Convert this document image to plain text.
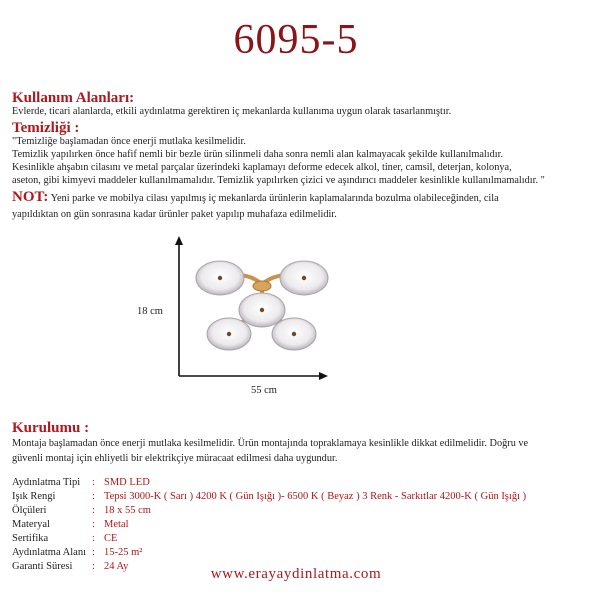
6095-5
Kullanım Alanları:
Evlerde, ticari alanlarda, etkili aydınlatma gerektiren iç mekanlarda kullanıma uygun olarak tasarlanmıştır.
Temizliği :
"Temizliğe başlamadan önce enerji mutlaka kesilmelidir.
Temizlik yapılırken önce hafif nemli bir bezle ürün silinmeli daha sonra nemli alan kalmayacak şekilde kullanılmalıdır.
Kesinlikle ahşabın cilasını ve metal parçalar üzerindeki kaplamayı deforme edecek alkol, tiner, camsil, deterjan, kolonya,
aseton, gibi kimyevi maddeler kullanılmamalıdır. Temizlik yapılırken çizici ve aşındırıcı maddeler kesinlikle kullanılmamalıdır. "
NOT: Yeni parke ve mobilya cilası yapılmış iç mekanlarda ürünlerin kaplamalarında bozulma olabileceğinden, cila
yapıldıktan on gün sonrasına kadar ürünler paket yapılıp muhafaza edilmelidir.
18 cm
55 cm
Kurulumu :
Montaja başlamadan önce enerji mutlaka kesilmelidir. Ürün montajında topraklamaya kesinlikle dikkat edilmelidir. Doğru ve
güvenli montaj için ehliyetli bir elektrikçiye müracaat edilmesi daha uygundur.
Aydınlatma Tipi : SMD LED
Işık Rengi	: Tepsi 3000-K ( Sarı ) 4200 K ( Gün Işığı )- 6500 K ( Beyaz ) 3 Renk - Sarkıtlar 4200-K ( Gün Işığı )
Ölçüleri	: 18 x 55 cm
Materyal	: Metal
Sertifika	: CE
Aydınlatma Alanı : 15-25 m²
Garanti Süresi : 24 Ay	www.erayaydinlatma.com
